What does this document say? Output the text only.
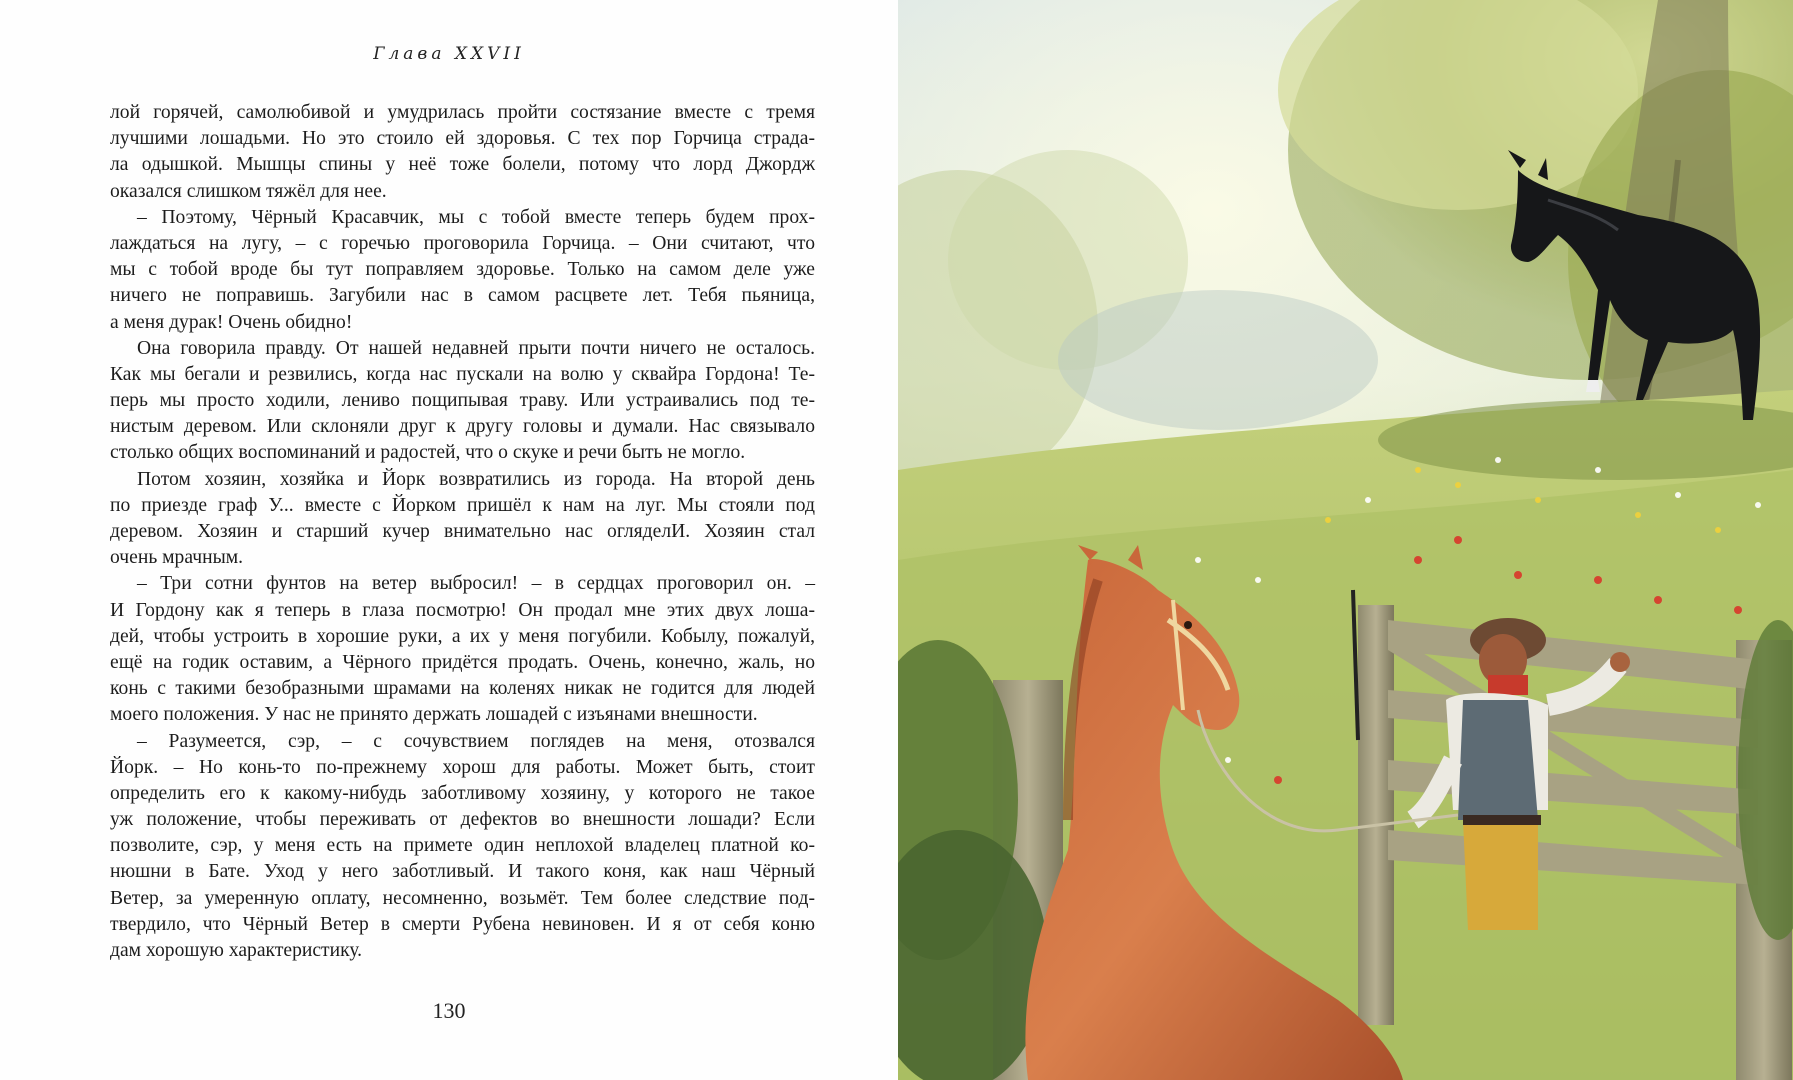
Глава XXVII
лой горячей, самолюбивой и умудрилась пройти состязание вместе с тремя
лучшими лошадьми. Но это стоило ей здоровья. С тех пор Горчица страда-
ла одышкой. Мышцы спины у неё тоже болели, потому что лорд Джордж
оказался слишком тяжёл для нее.
– Поэтому, Чёрный Красавчик, мы с тобой вместе теперь будем прох-
лаждаться на лугу, – с горечью проговорила Горчица. – Они считают, что
мы с тобой вроде бы тут поправляем здоровье. Только на самом деле уже
ничего не поправишь. Загубили нас в самом расцвете лет. Тебя пьяница,
а меня дурак! Очень обидно!
Она говорила правду. От нашей недавней прыти почти ничего не осталось.
Как мы бегали и резвились, когда нас пускали на волю у сквайра Гордона! Те-
перь мы просто ходили, лениво пощипывая траву. Или устраивались под те-
нистым деревом. Или склоняли друг к другу головы и думали. Нас связывало
столько общих воспоминаний и радостей, что о скуке и речи быть не могло.
Потом хозяин, хозяйка и Йорк возвратились из города. На второй день
по приезде граф У... вместе с Йорком пришёл к нам на луг. Мы стояли под
деревом. Хозяин и старший кучер внимательно нас огляделИ. Хозяин стал
очень мрачным.
– Три сотни фунтов на ветер выбросил! – в сердцах проговорил он. –
И Гордону как я теперь в глаза посмотрю! Он продал мне этих двух лоша-
дей, чтобы устроить в хорошие руки, а их у меня погубили. Кобылу, пожалуй,
ещё на годик оставим, а Чёрного придётся продать. Очень, конечно, жаль, но
конь с такими безобразными шрамами на коленях никак не годится для людей
моего положения. У нас не принято держать лошадей с изъянами внешности.
– Разумеется, сэр, – с сочувствием поглядев на меня, отозвался
Йорк. – Но конь-то по-прежнему хорош для работы. Может быть, стоит
определить его к какому-нибудь заботливому хозяину, у которого не такое
уж положение, чтобы переживать от дефектов во внешности лошади? Если
позволите, сэр, у меня есть на примете один неплохой владелец платной ко-
нюшни в Бате. Уход у него заботливый. И такого коня, как наш Чёрный
Ветер, за умеренную оплату, несомненно, возьмёт. Тем более следствие под-
твердило, что Чёрный Ветер в смерти Рубена невиновен. И я от себя коню
дам хорошую характеристику.
130
